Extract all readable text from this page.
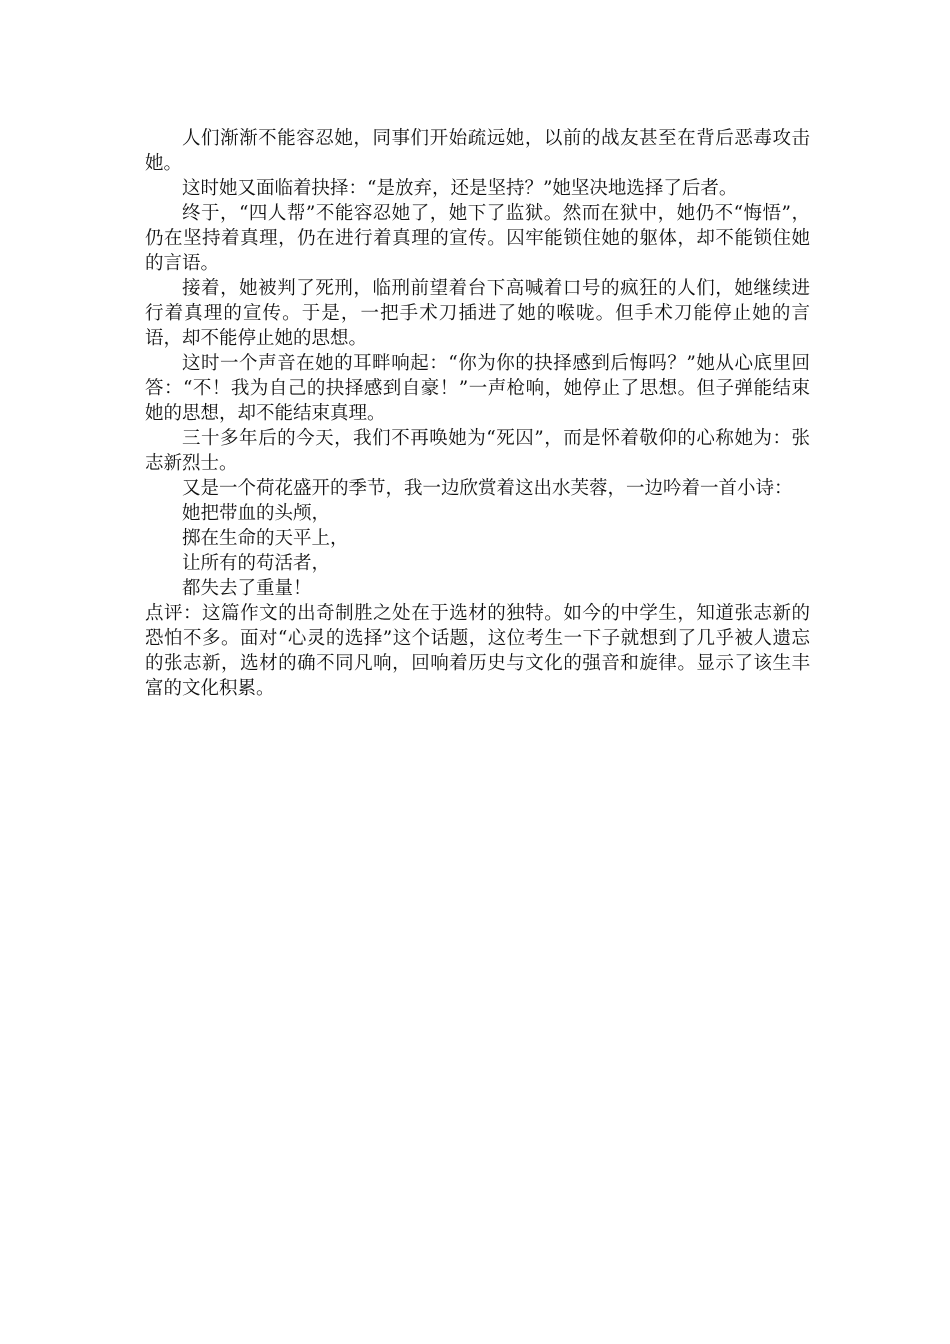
人们渐渐不能容忍她，同事们开始疏远她，以前的战友甚至在背后恶毒攻击她。

这时她又面临着抉择：“是放弃，还是坚持？”她坚决地选择了后者。

终于，“四人帮”不能容忍她了，她下了监狱。然而在狱中，她仍不“悔悟”，仍在坚持着真理，仍在进行着真理的宣传。囚牢能锁住她的躯体，却不能锁住她的言语。

接着，她被判了死刑，临刑前望着台下高喊着口号的疯狂的人们，她继续进行着真理的宣传。于是，一把手术刀插进了她的喉咙。但手术刀能停止她的言语，却不能停止她的思想。

这时一个声音在她的耳畔响起：“你为你的抉择感到后悔吗？”她从心底里回答：“不！我为自己的抉择感到自豪！”一声枪响，她停止了思想。但子弹能结束她的思想，却不能结束真理。

三十多年后的今天，我们不再唤她为“死囚”，而是怀着敬仰的心称她为：张志新烈士。

又是一个荷花盛开的季节，我一边欣赏着这出水芙蓉，一边吟着一首小诗：

她把带血的头颅，

掷在生命的天平上，

让所有的苟活者，

都失去了重量！

点评：这篇作文的出奇制胜之处在于选材的独特。如今的中学生，知道张志新的恐怕不多。面对“心灵的选择”这个话题，这位考生一下子就想到了几乎被人遗忘的张志新，选材的确不同凡响，回响着历史与文化的强音和旋律。显示了该生丰富的文化积累。
